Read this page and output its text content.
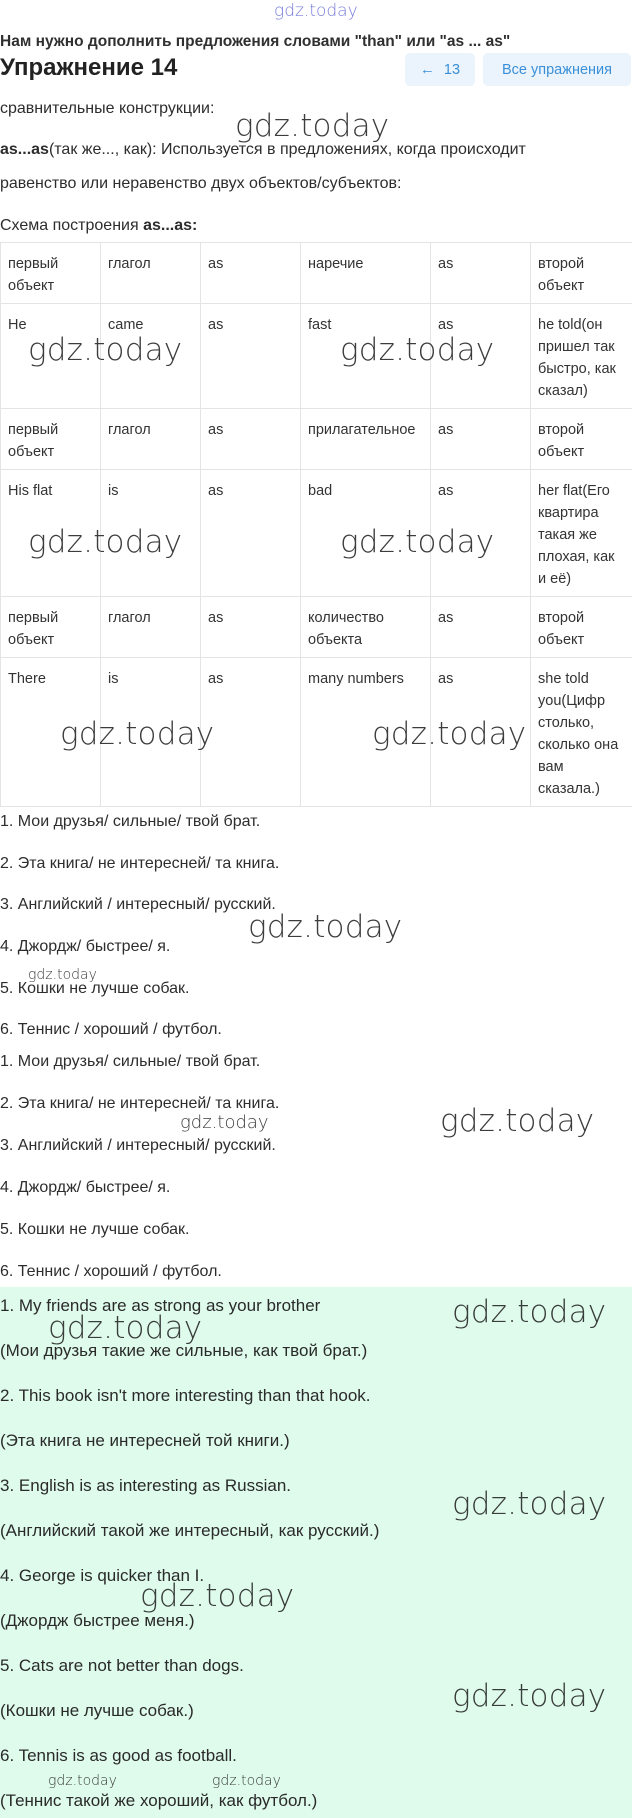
gdz.today
Нам нужно дополнить предложения словами "than" или "as ... as"
Упражнение 14	← 13	Все упражнения
сравнительные конструкции: gdz.today
as...as(так же..., как): Используется в предложениях, когда происходит
равенство или неравенство двух объектов/субъектов:
Схема построения as...as:
первый объект	глагол	as	наречие	as	второй объект
He	came	as	fast	as	he told(он пришел так быстро, как сказал)
первый объект	глагол	as	прилагательное	as	второй объект
His flat	is	as	bad	as	her flat(Его квартира такая же плохая, как и её)
первый объект	глагол	as	количество объекта	as	второй объект
There	is	as	many numbers	as	she told you(Цифр столько, сколько она вам сказала.)
gdz.today	gdz.today
gdz.today	gdz.today
gdz.today	gdz.today
1. Мои друзья/ сильные/ твой брат.
2. Эта книга/ не интересней/ та книга.
3. Английский / интересный/ русский.
gdz.today
4. Джордж/ быстрее/ я.
gdz.today
5. Кошки не лучше собак.
6. Теннис / хороший / футбол.
1. Мои друзья/ сильные/ твой брат.
2. Эта книга/ не интересней/ та книга.
gdz.today	gdz.today
3. Английский / интересный/ русский.
4. Джордж/ быстрее/ я.
5. Кошки не лучше собак.
6. Теннис / хороший / футбол.
1. My friends are as strong as your brother
(Мои друзья такие же сильные, как твой брат.)
2. This book isn't more interesting than that hook.
(Эта книга не интересней той книги.)
3. English is as interesting as Russian.
(Английский такой же интересный, как русский.)
4. George is quicker than I.
(Джордж быстрее меня.)
5. Cats are not better than dogs.
(Кошки не лучше собак.)
6. Tennis is as good as football.
(Теннис такой же хороший, как футбол.)
gdz.today
gdz.today
gdz.today
gdz.today
gdz.today
gdz.today	gdz.today
